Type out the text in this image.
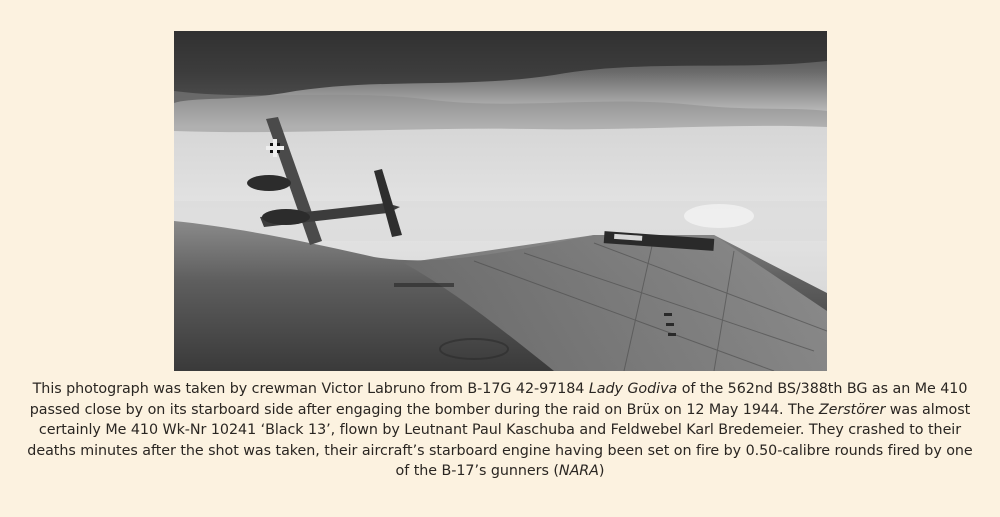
This photograph was taken by crewman Victor Labruno from B-17G 42-97184 Lady Godiva of the 562nd BS/388th BG as an Me 410 passed close by on its starboard side after engaging the bomber during the raid on Brüx on 12 May 1944. The Zerstörer was almost certainly Me 410 Wk-Nr 10241 ‘Black 13’, flown by Leutnant Paul Kaschuba and Feldwebel Karl Bredemeier. They crashed to their deaths minutes after the shot was taken, their aircraft’s starboard engine having been set on fire by 0.50-calibre rounds fired by one of the B-17’s gunners (NARA)
